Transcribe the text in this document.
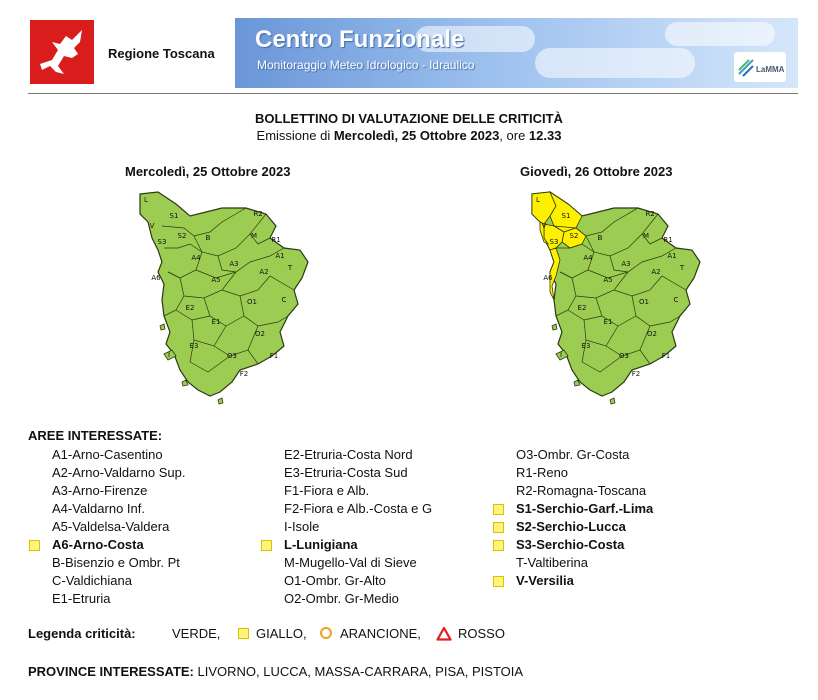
Regione Toscana
Centro Funzionale
Monitoraggio Meteo Idrologico - Idraulico	LaMMA
BOLLETTINO DI VALUTAZIONE DELLE CRITICITÀ
Emissione di Mercoledì, 25 Ottobre 2023, ore 12.33
Mercoledì, 25 Ottobre 2023	Giovedì, 26 Ottobre 2023
L
S1
S2
S3
V
R2
R1
M
B
A3
A4	A1
A2
A5
A6
T
E2
O1	C
E1
O2
E3
O3	F1
F2
I
L
S1
S2
S3
V
R2
R1
M
B
A3
A4	A1
A2
A5
A6
T
E2
O1	C
E1
O2
E3
O3	F1
F2
I
AREE INTERESSATE:
A1-Arno-Casentino
A2-Arno-Valdarno Sup.
A3-Arno-Firenze
A4-Valdarno Inf.
A5-Valdelsa-Valdera
A6-Arno-Costa
B-Bisenzio e Ombr. Pt
C-Valdichiana
E1-Etruria
E2-Etruria-Costa Nord
E3-Etruria-Costa Sud
F1-Fiora e Alb.
F2-Fiora e Alb.-Costa e G
I-Isole
L-Lunigiana
M-Mugello-Val di Sieve
O1-Ombr. Gr-Alto
O2-Ombr. Gr-Medio
O3-Ombr. Gr-Costa
R1-Reno
R2-Romagna-Toscana
S1-Serchio-Garf.-Lima
S2-Serchio-Lucca
S3-Serchio-Costa
T-Valtiberina
V-Versilia
Legenda criticità:	VERDE,	GIALLO,	ARANCIONE,	ROSSO
PROVINCE INTERESSATE: LIVORNO, LUCCA, MASSA-CARRARA, PISA, PISTOIA
